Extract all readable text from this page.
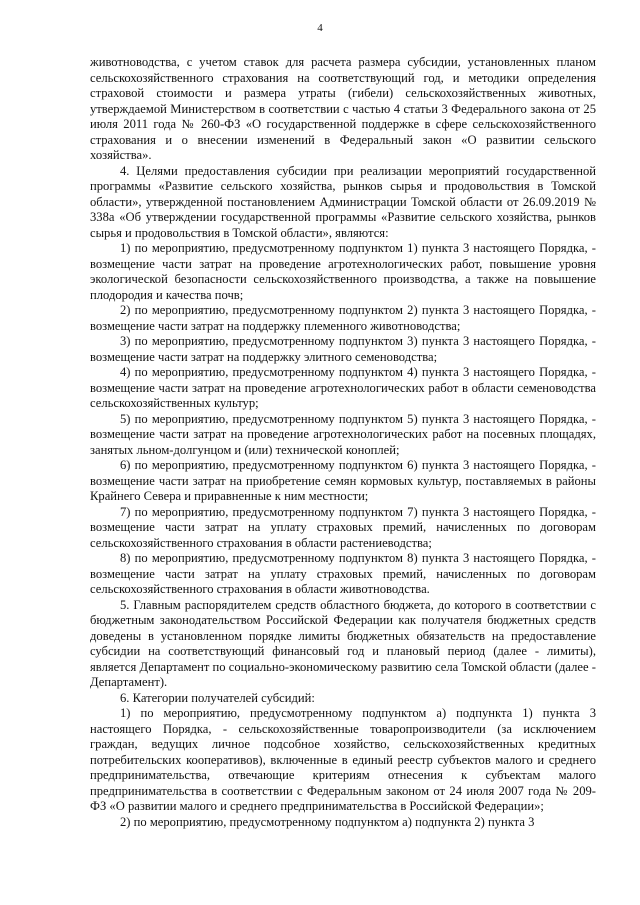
4

животноводства, с учетом ставок для расчета размера субсидии, установленных планом сельскохозяйственного страхования на соответствующий год, и методики определения страховой стоимости и размера утраты (гибели) сельскохозяйственных животных, утверждаемой Министерством в соответствии с частью 4 статьи 3 Федерального закона от 25 июля 2011 года № 260-ФЗ «О государственной поддержке в сфере сельскохозяйственного страхования и о внесении изменений в Федеральный закон «О развитии сельского хозяйства».

4. Целями предоставления субсидии при реализации мероприятий государственной программы «Развитие сельского хозяйства, рынков сырья и продовольствия в Томской области», утвержденной постановлением Администрации Томской области от 26.09.2019 № 338а «Об утверждении государственной программы «Развитие сельского хозяйства, рынков сырья и продовольствия в Томской области», являются:

1) по мероприятию, предусмотренному подпунктом 1) пункта 3 настоящего Порядка, - возмещение части затрат на проведение агротехнологических работ, повышение уровня экологической безопасности сельскохозяйственного производства, а также на повышение плодородия и качества почв;

2) по мероприятию, предусмотренному подпунктом 2) пункта 3 настоящего Порядка, - возмещение части затрат на поддержку племенного животноводства;

3) по мероприятию, предусмотренному подпунктом 3) пункта 3 настоящего Порядка, - возмещение части затрат на поддержку элитного семеноводства;

4) по мероприятию, предусмотренному подпунктом 4) пункта 3 настоящего Порядка, - возмещение части затрат на проведение агротехнологических работ в области семеноводства сельскохозяйственных культур;

5) по мероприятию, предусмотренному подпунктом 5) пункта 3 настоящего Порядка, - возмещение части затрат на проведение агротехнологических работ на посевных площадях, занятых льном-долгунцом и (или) технической коноплей;

6) по мероприятию, предусмотренному подпунктом 6) пункта 3 настоящего Порядка, - возмещение части затрат на приобретение семян кормовых культур, поставляемых в районы Крайнего Севера и приравненные к ним местности;

7) по мероприятию, предусмотренному подпунктом 7) пункта 3 настоящего Порядка, - возмещение части затрат на уплату страховых премий, начисленных по договорам сельскохозяйственного страхования в области растениеводства;

8) по мероприятию, предусмотренному подпунктом 8) пункта 3 настоящего Порядка, - возмещение части затрат на уплату страховых премий, начисленных по договорам сельскохозяйственного страхования в области животноводства.

5. Главным распорядителем средств областного бюджета, до которого в соответствии с бюджетным законодательством Российской Федерации как получателя бюджетных средств доведены в установленном порядке лимиты бюджетных обязательств на предоставление субсидии на соответствующий финансовый год и плановый период (далее - лимиты), является Департамент по социально-экономическому развитию села Томской области (далее - Департамент).

6. Категории получателей субсидий:

1) по мероприятию, предусмотренному подпунктом а) подпункта 1) пункта 3 настоящего Порядка, - сельскохозяйственные товаропроизводители (за исключением граждан, ведущих личное подсобное хозяйство, сельскохозяйственных кредитных потребительских кооперативов), включенные в единый реестр субъектов малого и среднего предпринимательства, отвечающие критериям отнесения к субъектам малого предпринимательства в соответствии с Федеральным законом от 24 июля 2007 года № 209-ФЗ «О развитии малого и среднего предпринимательства в Российской Федерации»;

2) по мероприятию, предусмотренному подпунктом а) подпункта 2) пункта 3
